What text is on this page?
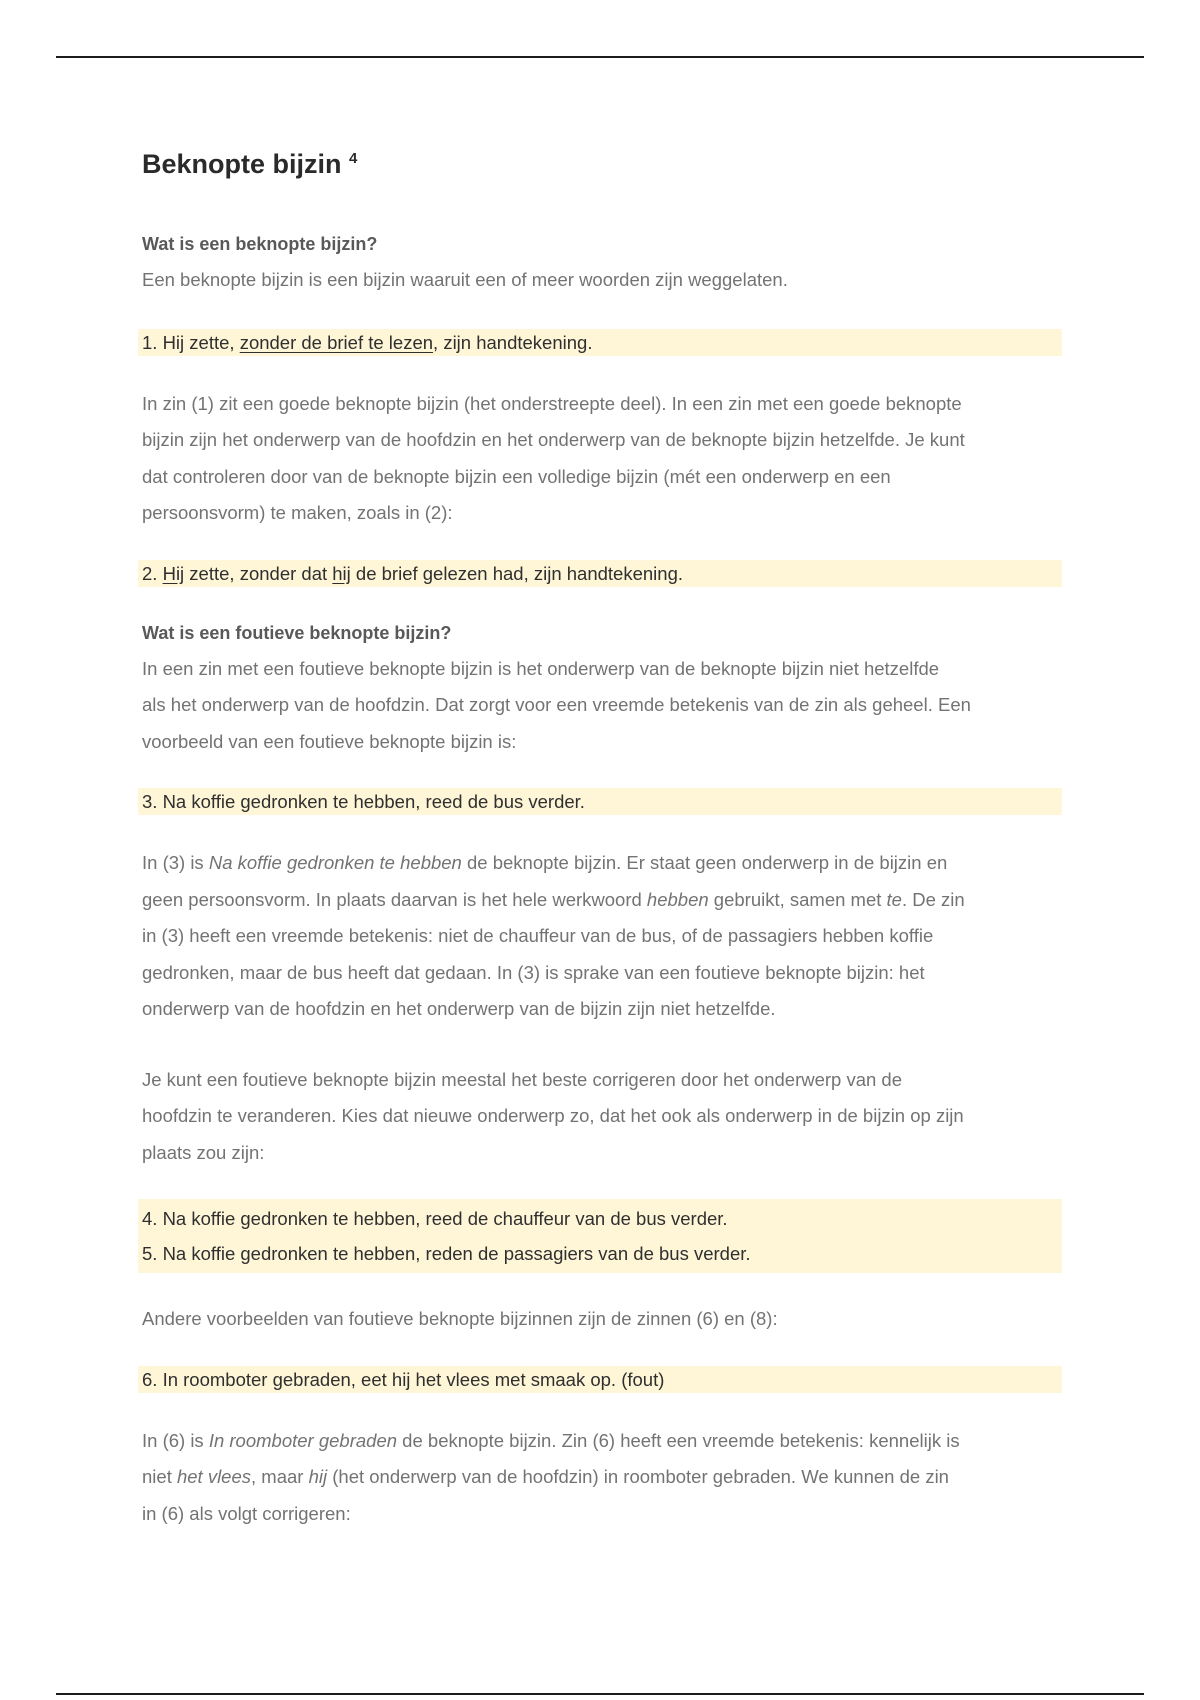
Beknopte bijzin $^4$
Wat is een beknopte bijzin?
Een beknopte bijzin is een bijzin waaruit een of meer woorden zijn weggelaten.
1. Hij zette, zonder de brief te lezen, zijn handtekening.
In zin (1) zit een goede beknopte bijzin (het onderstreepte deel). In een zin met een goede beknopte
bijzin zijn het onderwerp van de hoofdzin en het onderwerp van de beknopte bijzin hetzelfde. Je kunt
dat controleren door van de beknopte bijzin een volledige bijzin (mét een onderwerp en een
persoonsvorm) te maken, zoals in (2):
2. Hij zette, zonder dat hij de brief gelezen had, zijn handtekening.
Wat is een foutieve beknopte bijzin?
In een zin met een foutieve beknopte bijzin is het onderwerp van de beknopte bijzin niet hetzelfde
als het onderwerp van de hoofdzin. Dat zorgt voor een vreemde betekenis van de zin als geheel. Een
voorbeeld van een foutieve beknopte bijzin is:
3. Na koffie gedronken te hebben, reed de bus verder.
In (3) is Na koffie gedronken te hebben de beknopte bijzin. Er staat geen onderwerp in de bijzin en
geen persoonsvorm. In plaats daarvan is het hele werkwoord hebben gebruikt, samen met te. De zin
in (3) heeft een vreemde betekenis: niet de chauffeur van de bus, of de passagiers hebben koffie
gedronken, maar de bus heeft dat gedaan. In (3) is sprake van een foutieve beknopte bijzin: het
onderwerp van de hoofdzin en het onderwerp van de bijzin zijn niet hetzelfde.
Je kunt een foutieve beknopte bijzin meestal het beste corrigeren door het onderwerp van de
hoofdzin te veranderen. Kies dat nieuwe onderwerp zo, dat het ook als onderwerp in de bijzin op zijn
plaats zou zijn:
4. Na koffie gedronken te hebben, reed de chauffeur van de bus verder.
5. Na koffie gedronken te hebben, reden de passagiers van de bus verder.
Andere voorbeelden van foutieve beknopte bijzinnen zijn de zinnen (6) en (8):
6. In roomboter gebraden, eet hij het vlees met smaak op. (fout)
In (6) is In roomboter gebraden de beknopte bijzin. Zin (6) heeft een vreemde betekenis: kennelijk is
niet het vlees, maar hij (het onderwerp van de hoofdzin) in roomboter gebraden. We kunnen de zin
in (6) als volgt corrigeren:
